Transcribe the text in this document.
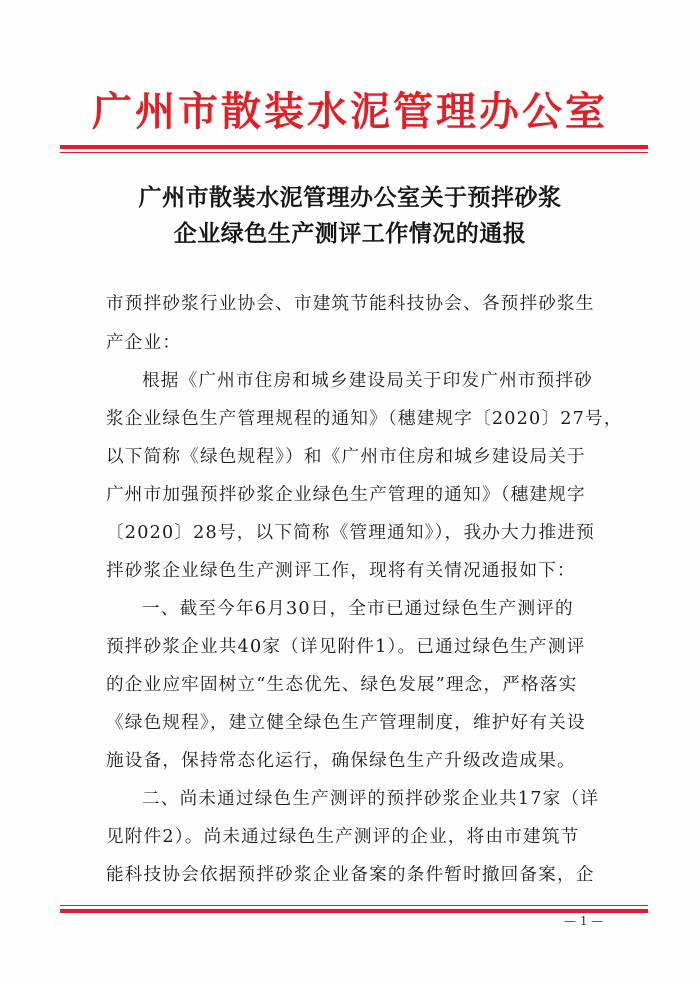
广州市散装水泥管理办公室
广州市散装水泥管理办公室关于预拌砂浆
企业绿色生产测评工作情况的通报
市预拌砂浆行业协会、市建筑节能科技协会、各预拌砂浆生
产企业：
根据《广州市住房和城乡建设局关于印发广州市预拌砂
浆企业绿色生产管理规程的通知》（穗建规字〔2020〕27号，
以下简称《绿色规程》）和《广州市住房和城乡建设局关于
广州市加强预拌砂浆企业绿色生产管理的通知》（穗建规字
〔2020〕28号，以下简称《管理通知》），我办大力推进预
拌砂浆企业绿色生产测评工作，现将有关情况通报如下：
一、截至今年6月30日，全市已通过绿色生产测评的
预拌砂浆企业共40家（详见附件1）。已通过绿色生产测评
的企业应牢固树立“生态优先、绿色发展”理念，严格落实
《绿色规程》，建立健全绿色生产管理制度，维护好有关设
施设备，保持常态化运行，确保绿色生产升级改造成果。
二、尚未通过绿色生产测评的预拌砂浆企业共17家（详
见附件2）。尚未通过绿色生产测评的企业，将由市建筑节
能科技协会依据预拌砂浆企业备案的条件暂时撤回备案，企
— 1 —
